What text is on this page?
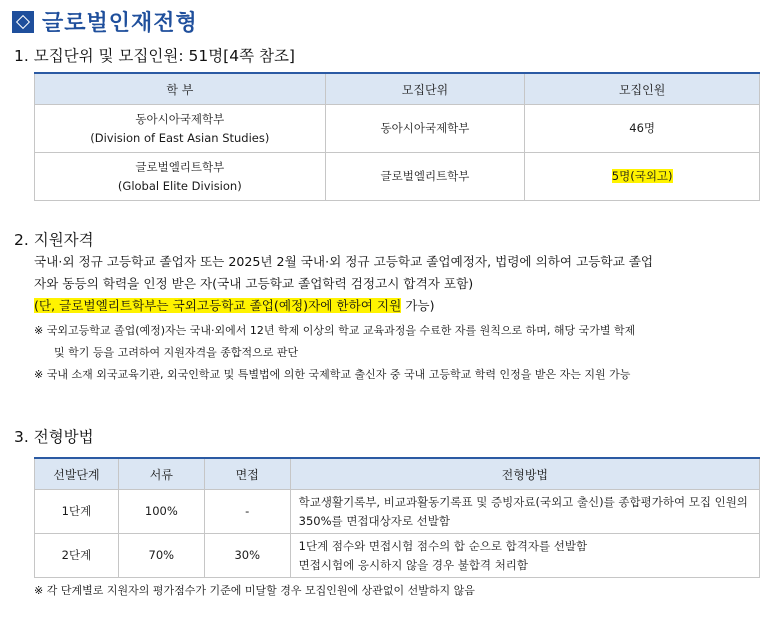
글로벌인재전형
1. 모집단위 및 모집인원: 51명[4쪽 참조]
학 부	모집단위	모집인원

동아시아국제학부
(Division of East Asian Studies)	동아시아국제학부	46명

글로벌엘리트학부
(Global Elite Division)	글로벌엘리트학부	5명(국외고)
2. 지원자격
국내·외 정규 고등학교 졸업자 또는 2025년 2월 국내·외 정규 고등학교 졸업예정자, 법령에 의하여 고등학교 졸업
자와 동등의 학력을 인정 받은 자(국내 고등학교 졸업학력 검정고시 합격자 포함)
(단, 글로벌엘리트학부는 국외고등학교 졸업(예정)자에 한하여 지원 가능)
※ 국외고등학교 졸업(예정)자는 국내·외에서 12년 학제 이상의 학교 교육과정을 수료한 자를 원칙으로 하며, 해당 국가별 학제
및 학기 등을 고려하여 지원자격을 종합적으로 판단
※ 국내 소재 외국교육기관, 외국인학교 및 특별법에 의한 국제학교 출신자 중 국내 고등학교 학력 인정을 받은 자는 지원 가능
3. 전형방법
선발단계	서류	면접	전형방법
1단계	100%	-	학교생활기록부, 비교과활동기록표 및 증빙자료(국외고 출신)를 종합평가하여 모집 인원의
350%를 면접대상자로 선발함

2단계	70%	30%	1단계 점수와 면접시험 점수의 합 순으로 합격자를 선발함
면접시험에 응시하지 않을 경우 불합격 처리함
※ 각 단계별로 지원자의 평가점수가 기준에 미달할 경우 모집인원에 상관없이 선발하지 않음
